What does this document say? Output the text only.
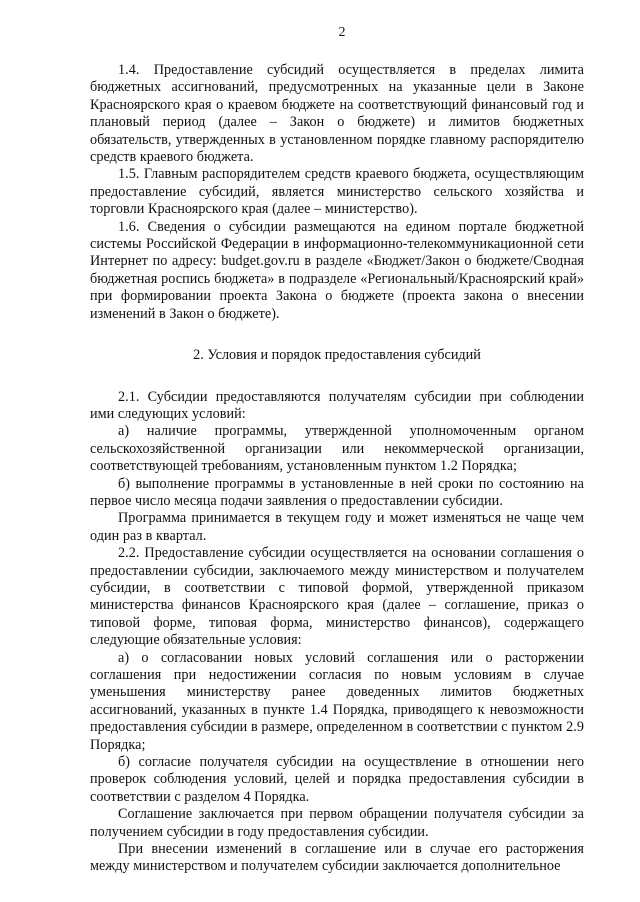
2

1.4. Предоставление субсидий осуществляется в пределах лимита бюджетных ассигнований, предусмотренных на указанные цели в Законе Красноярского края о краевом бюджете на соответствующий финансовый год и плановый период (далее – Закон о бюджете) и лимитов бюджетных обязательств, утвержденных в установленном порядке главному распорядителю средств краевого бюджета.

1.5. Главным распорядителем средств краевого бюджета, осуществляющим предоставление субсидий, является министерство сельского хозяйства и торговли Красноярского края (далее – министерство).

1.6. Сведения о субсидии размещаются на едином портале бюджетной системы Российской Федерации в информационно-телекоммуникационной сети Интернет по адресу: budget.gov.ru в разделе «Бюджет/Закон о бюджете/Сводная бюджетная роспись бюджета» в подразделе «Региональный/Красноярский край» при формировании проекта Закона о бюджете (проекта закона о внесении изменений в Закон о бюджете).

2. Условия и порядок предоставления субсидий

2.1. Субсидии предоставляются получателям субсидии при соблюдении ими следующих условий:

а) наличие программы, утвержденной уполномоченным органом сельскохозяйственной организации или некоммерческой организации, соответствующей требованиям, установленным пунктом 1.2 Порядка;

б) выполнение программы в установленные в ней сроки по состоянию на первое число месяца подачи заявления о предоставлении субсидии.

Программа принимается в текущем году и может изменяться не чаще чем один раз в квартал.

2.2. Предоставление субсидии осуществляется на основании соглашения о предоставлении субсидии, заключаемого между министерством и получателем субсидии, в соответствии с типовой формой, утвержденной приказом министерства финансов Красноярского края (далее – соглашение, приказ о типовой форме, типовая форма, министерство финансов), содержащего следующие обязательные условия:

а) о согласовании новых условий соглашения или о расторжении соглашения при недостижении согласия по новым условиям в случае уменьшения министерству ранее доведенных лимитов бюджетных ассигнований, указанных в пункте 1.4 Порядка, приводящего к невозможности предоставления субсидии в размере, определенном в соответствии с пунктом 2.9 Порядка;

б) согласие получателя субсидии на осуществление в отношении него проверок соблюдения условий, целей и порядка предоставления субсидии в соответствии с разделом 4 Порядка.

Соглашение заключается при первом обращении получателя субсидии за получением субсидии в году предоставления субсидии.

При внесении изменений в соглашение или в случае его расторжения между министерством и получателем субсидии заключается дополнительное
